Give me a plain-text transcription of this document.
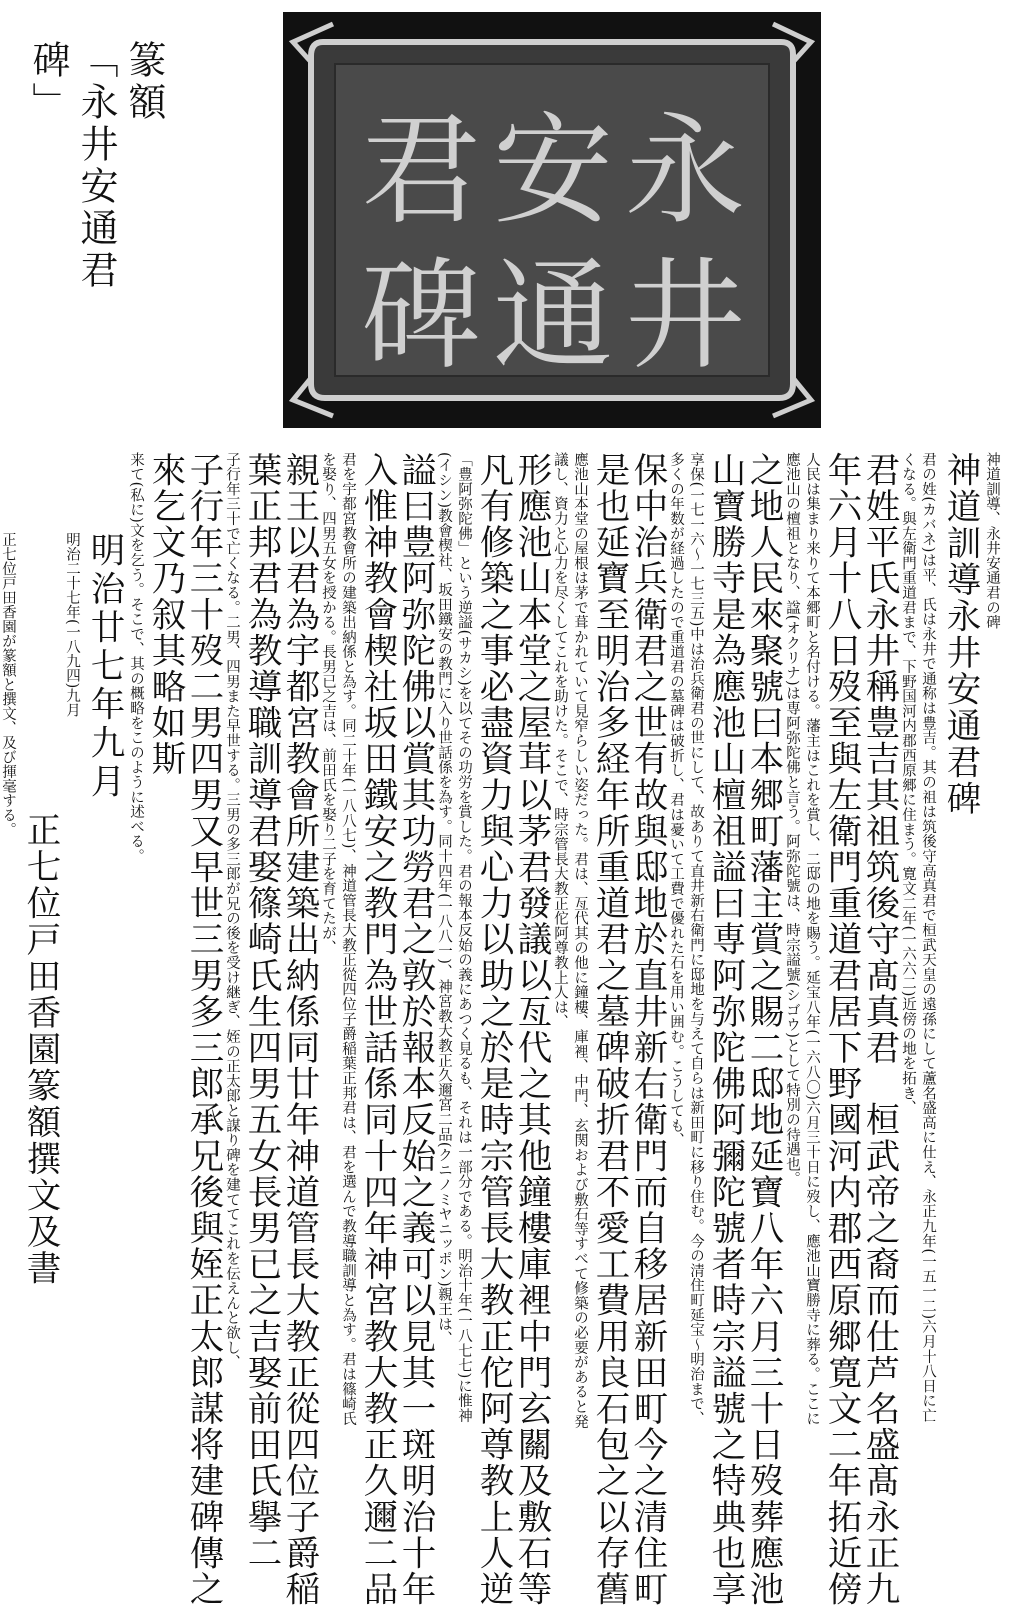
永
井
安
通
君
碑
篆額
「永井安通君碑」
神道訓導、永井安通君の碑
神道訓導永井安通君碑
君の姓(カバネ)は平、氏は永井で通称は豊吉。其の祖は筑後守高真君で桓武天皇の遠孫にして蘆名盛高に仕え、永正九年(一五一二)六月十八日に亡くなる。與左衛門重道君まで、下野国河内郡西原郷に住まう。寛文二年(一六六二)近傍の地を拓き、
君姓平氏永井稱豊吉其祖筑後守髙真君　桓武帝之裔而仕芦名盛髙永正九
年六月十八日歿至與左衛門重道君居下野國河内郡西原郷寛文二年拓近傍
人民は集まり来りて本郷町と名付ける。藩主はこれを賞し、二邸の地を賜う。延宝八年(一六八〇)六月三十日に歿し、應池山寶勝寺に葬る。ここに應池山の檀祖となり、諡(オクリナ)は専阿弥陀佛と言う。阿弥陀號は、時宗謚號(シゴウ)として特別の待遇也。
之地人民來聚號曰本郷町藩主賞之賜二邸地延寶八年六月三十日歿葬應池
山寶勝寺是為應池山檀祖謚曰専阿弥陀佛阿彌陀號者時宗謚號之特典也享
享保(一七一六〜一七三五)中は治兵衛君の世にして、故ありて直井新右衛門に邸地を与えて自らは新田町に移り住む。今の清住町延宝〜明治まで、多くの年数が経過したので重道君の墓碑は破折し、君は憂いて工費で優れた石を用い囲む。こうしても、
保中治兵衛君之世有故與邸地於直井新右衛門而自移居新田町今之清住町
是也延寶至明治多経年所重道君之墓碑破折君不愛工費用良石包之以存舊
應池山本堂の屋根は茅で葺かれていて見窄らしい姿だった。君は、亙代其の他に鐘樓、庫裡、中門、玄関および敷石等すべて修築の必要があると発議し、資力と心力を尽くしてこれを助けた。そこで、時宗管長大教正佗阿尊教上人は、
形應池山本堂之屋茸以茅君發議以亙代之其他鐘樓庫裡中門玄關及敷石等
凡有修築之事必盡資力與心力以助之於是時宗管長大教正佗阿尊教上人逆
「豊阿弥陀佛」という逆謚(サカシ)を以てその功労を賞した。君の報本反始の義にあつく見るも、それは一部分である。明治十年(一八七七)に惟神(イシン)教會楔社、坂田鐵安の教門に入り世話係を為す。同十四年(一八八一)、神宮教大教正久邇宮二品(クニノミヤニッポン)親王は、
謚曰豊阿弥陀佛以賞其功勞君之敦於報本反始之義可以見其一斑明治十年
入惟神教會楔社坂田鐵安之教門為世話係同十四年神宮教大教正久邇二品
君を宇都宮教會所の建築出納係と為す。同二十年(一八八七)、神道管長大教正從四位子爵稲葉正邦君は、君を選んで教導職訓導と為す。君は篠崎氏を娶り、四男五女を授かる。長男已之吉は、前田氏を娶り二子を育てたが、
親王以君為宇都宮教會所建築出納係同廿年神道管長大教正從四位子爵稲
葉正邦君為教導職訓導君娶篠崎氏生四男五女長男已之吉娶前田氏擧二
子行年三十で亡くなる。二男、四男また早世する。三男の多三郎が兄の後を受け継ぎ、姪の正太郎と謀り碑を建ててこれを伝えんと欲し、
子行年三十歿二男四男又早世三男多三郎承兄後與姪正太郎謀将建碑傳之
來乞文乃叙其略如斯
来て(私に)文を乞う。そこで、其の概略をこのように述べる。
明治廿七年九月
明治二十七年(一八九四)九月
正七位戸田香園篆額撰文及書
正七位戸田香園が篆額と撰文、及び揮毫する。
